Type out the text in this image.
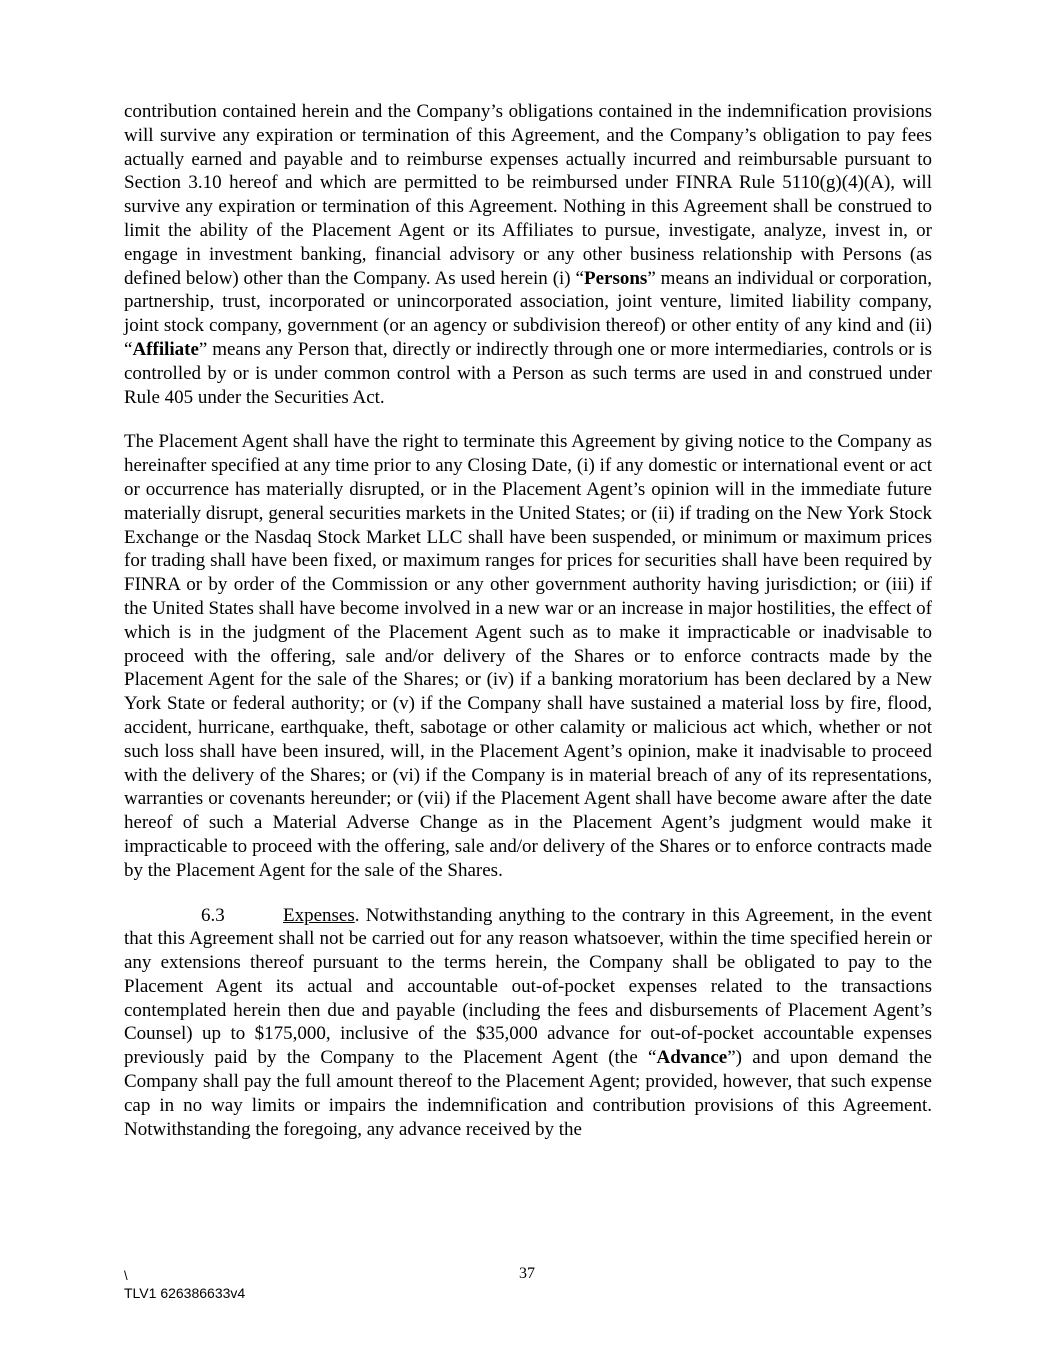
contribution contained herein and the Company’s obligations contained in the indemnification provisions will survive any expiration or termination of this Agreement, and the Company’s obligation to pay fees actually earned and payable and to reimburse expenses actually incurred and reimbursable pursuant to Section 3.10 hereof and which are permitted to be reimbursed under FINRA Rule 5110(g)(4)(A), will survive any expiration or termination of this Agreement. Nothing in this Agreement shall be construed to limit the ability of the Placement Agent or its Affiliates to pursue, investigate, analyze, invest in, or engage in investment banking, financial advisory or any other business relationship with Persons (as defined below) other than the Company. As used herein (i) “Persons” means an individual or corporation, partnership, trust, incorporated or unincorporated association, joint venture, limited liability company, joint stock company, government (or an agency or subdivision thereof) or other entity of any kind and (ii) “Affiliate” means any Person that, directly or indirectly through one or more intermediaries, controls or is controlled by or is under common control with a Person as such terms are used in and construed under Rule 405 under the Securities Act.

The Placement Agent shall have the right to terminate this Agreement by giving notice to the Company as hereinafter specified at any time prior to any Closing Date, (i) if any domestic or international event or act or occurrence has materially disrupted, or in the Placement Agent’s opinion will in the immediate future materially disrupt, general securities markets in the United States; or (ii) if trading on the New York Stock Exchange or the Nasdaq Stock Market LLC shall have been suspended, or minimum or maximum prices for trading shall have been fixed, or maximum ranges for prices for securities shall have been required by FINRA or by order of the Commission or any other government authority having jurisdiction; or (iii) if the United States shall have become involved in a new war or an increase in major hostilities, the effect of which is in the judgment of the Placement Agent such as to make it impracticable or inadvisable to proceed with the offering, sale and/or delivery of the Shares or to enforce contracts made by the Placement Agent for the sale of the Shares; or (iv) if a banking moratorium has been declared by a New York State or federal authority; or (v) if the Company shall have sustained a material loss by fire, flood, accident, hurricane, earthquake, theft, sabotage or other calamity or malicious act which, whether or not such loss shall have been insured, will, in the Placement Agent’s opinion, make it inadvisable to proceed with the delivery of the Shares; or (vi) if the Company is in material breach of any of its representations, warranties or covenants hereunder; or (vii) if the Placement Agent shall have become aware after the date hereof of such a Material Adverse Change as in the Placement Agent’s judgment would make it impracticable to proceed with the offering, sale and/or delivery of the Shares or to enforce contracts made by the Placement Agent for the sale of the Shares.

6.3	Expenses. Notwithstanding anything to the contrary in this Agreement, in the event that this Agreement shall not be carried out for any reason whatsoever, within the time specified herein or any extensions thereof pursuant to the terms herein, the Company shall be obligated to pay to the Placement Agent its actual and accountable out-of-pocket expenses related to the transactions contemplated herein then due and payable (including the fees and disbursements of Placement Agent’s Counsel) up to $175,000, inclusive of the $35,000 advance for out-of-pocket accountable expenses previously paid by the Company to the Placement Agent (the “Advance”) and upon demand the Company shall pay the full amount thereof to the Placement Agent; provided, however, that such expense cap in no way limits or impairs the indemnification and contribution provisions of this Agreement. Notwithstanding the foregoing, any advance received by the

\	37
TLV1 626386633v4
